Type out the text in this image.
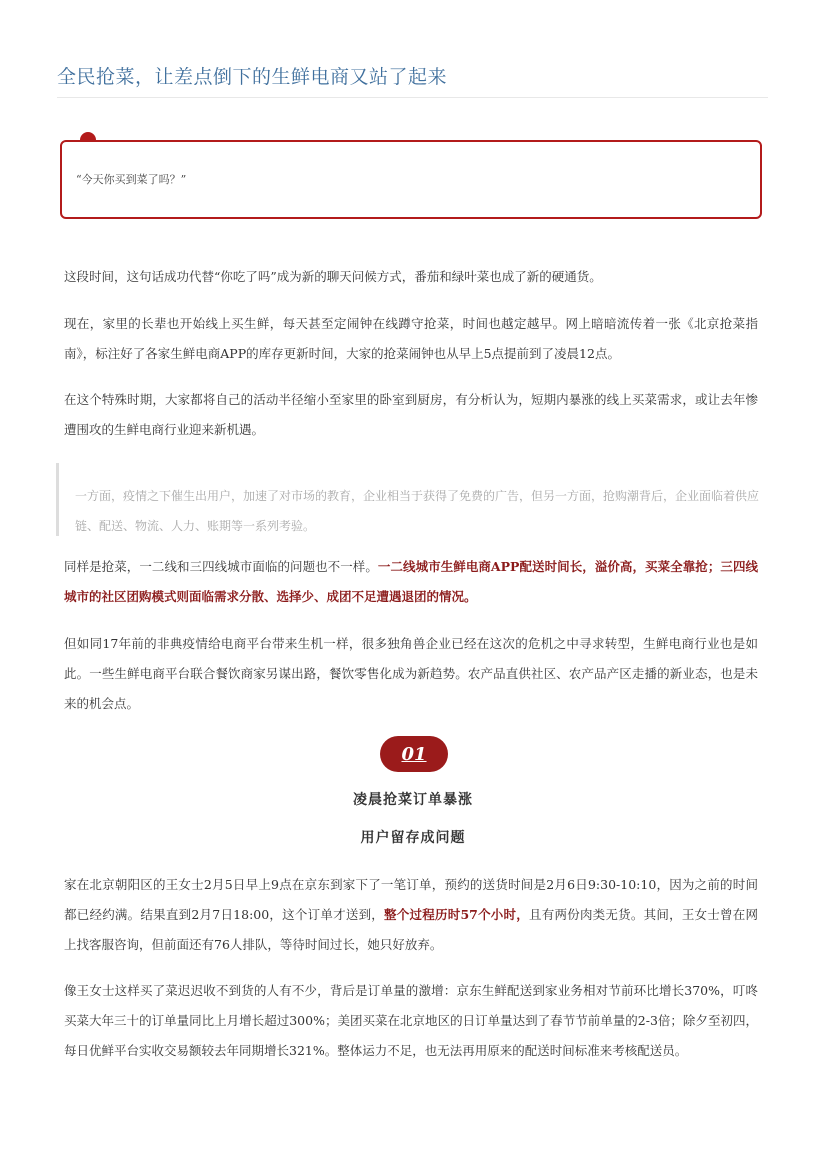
全民抢菜，让差点倒下的生鲜电商又站了起来
“今天你买到菜了吗？”

这段时间，这句话成功代替“你吃了吗”成为新的聊天问候方式，番茄和绿叶菜也成了新的硬通货。

现在，家里的长辈也开始线上买生鲜，每天甚至定闹钟在线蹲守抢菜，时间也越定越早。网上暗暗流传着一张《北京抢菜指南》，标注好了各家生鲜电商APP的库存更新时间，大家的抢菜闹钟也从早上5点提前到了凌晨12点。

在这个特殊时期，大家都将自己的活动半径缩小至家里的卧室到厨房，有分析认为，短期内暴涨的线上买菜需求，或让去年惨遭围攻的生鲜电商行业迎来新机遇。

一方面，疫情之下催生出用户，加速了对市场的教育，企业相当于获得了免费的广告，但另一方面，抢购潮背后，企业面临着供应链、配送、物流、人力、账期等一系列考验。

同样是抢菜，一二线和三四线城市面临的问题也不一样。一二线城市生鲜电商APP配送时间长，溢价高，买菜全靠抢；三四线城市的社区团购模式则面临需求分散、选择少、成团不足遭遇退团的情况。

但如同17年前的非典疫情给电商平台带来生机一样，很多独角兽企业已经在这次的危机之中寻求转型，生鲜电商行业也是如此。一些生鲜电商平台联合餐饮商家另谋出路，餐饮零售化成为新趋势。农产品直供社区、农产品产区走播的新业态，也是未来的机会点。

01
凌晨抢菜订单暴涨
用户留存成问题

家在北京朝阳区的王女士2月5日早上9点在京东到家下了一笔订单，预约的送货时间是2月6日9:30-10:10，因为之前的时间都已经约满。结果直到2月7日18:00，这个订单才送到，整个过程历时57个小时，且有两份肉类无货。其间，王女士曾在网上找客服咨询，但前面还有76人排队，等待时间过长，她只好放弃。

像王女士这样买了菜迟迟收不到货的人有不少，背后是订单量的激增：京东生鲜配送到家业务相对节前环比增长370%，叮咚买菜大年三十的订单量同比上月增长超过300%；美团买菜在北京地区的日订单量达到了春节节前单量的2-3倍；除夕至初四，每日优鲜平台实收交易额较去年同期增长321%。整体运力不足，也无法再用原来的配送时间标准来考核配送员。
